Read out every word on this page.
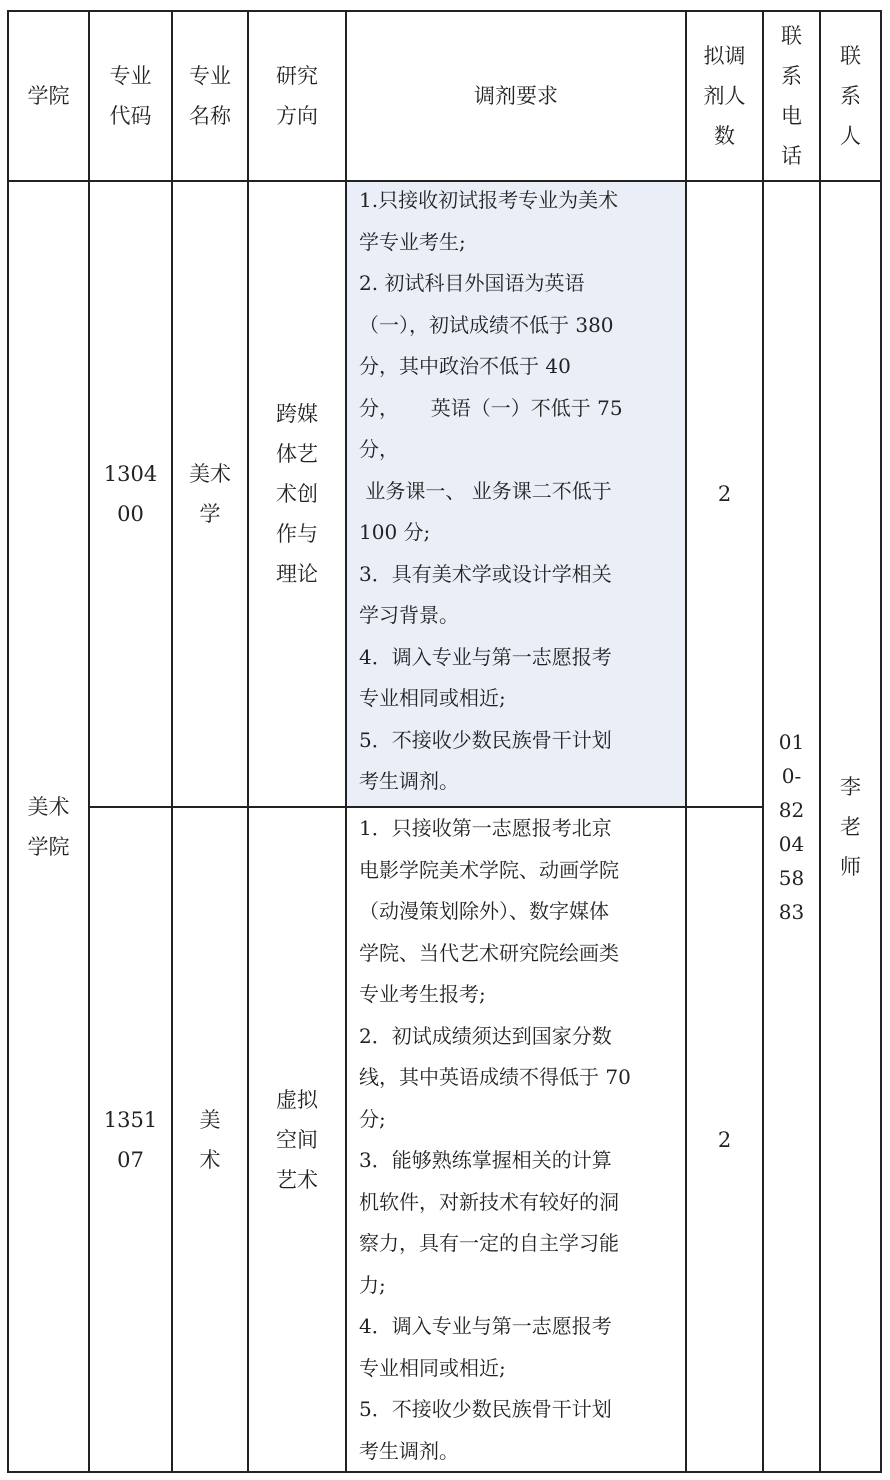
学院
专业
代码
专业
名称
研究
方向
调剂要求
拟调
剂人
数
联
系
电
话
联
系
人
美术
学院
1304
00
美术
学
跨媒
体艺
术创
作与
理论
1.只接收初试报考专业为美术
学专业考生;
2. 初试科目外国语为英语
（一），初试成绩不低于 380
分，其中政治不低于 40
分，     英语（一）不低于 75
分，
业务课一、 业务课二不低于
100 分;
3．具有美术学或设计学相关
学习背景。
4．调入专业与第一志愿报考
专业相同或相近;
5．不接收少数民族骨干计划
考生调剂。
2
01
0-
82
04
58
83
李
老
师
1351
07
美
术
虚拟
空间
艺术
1．只接收第一志愿报考北京
电影学院美术学院、动画学院
（动漫策划除外）、数字媒体
学院、当代艺术研究院绘画类
专业考生报考;
2．初试成绩须达到国家分数
线，其中英语成绩不得低于 70
分;
3．能够熟练掌握相关的计算
机软件，对新技术有较好的洞
察力，具有一定的自主学习能
力;
4．调入专业与第一志愿报考
专业相同或相近;
5．不接收少数民族骨干计划
考生调剂。
2
